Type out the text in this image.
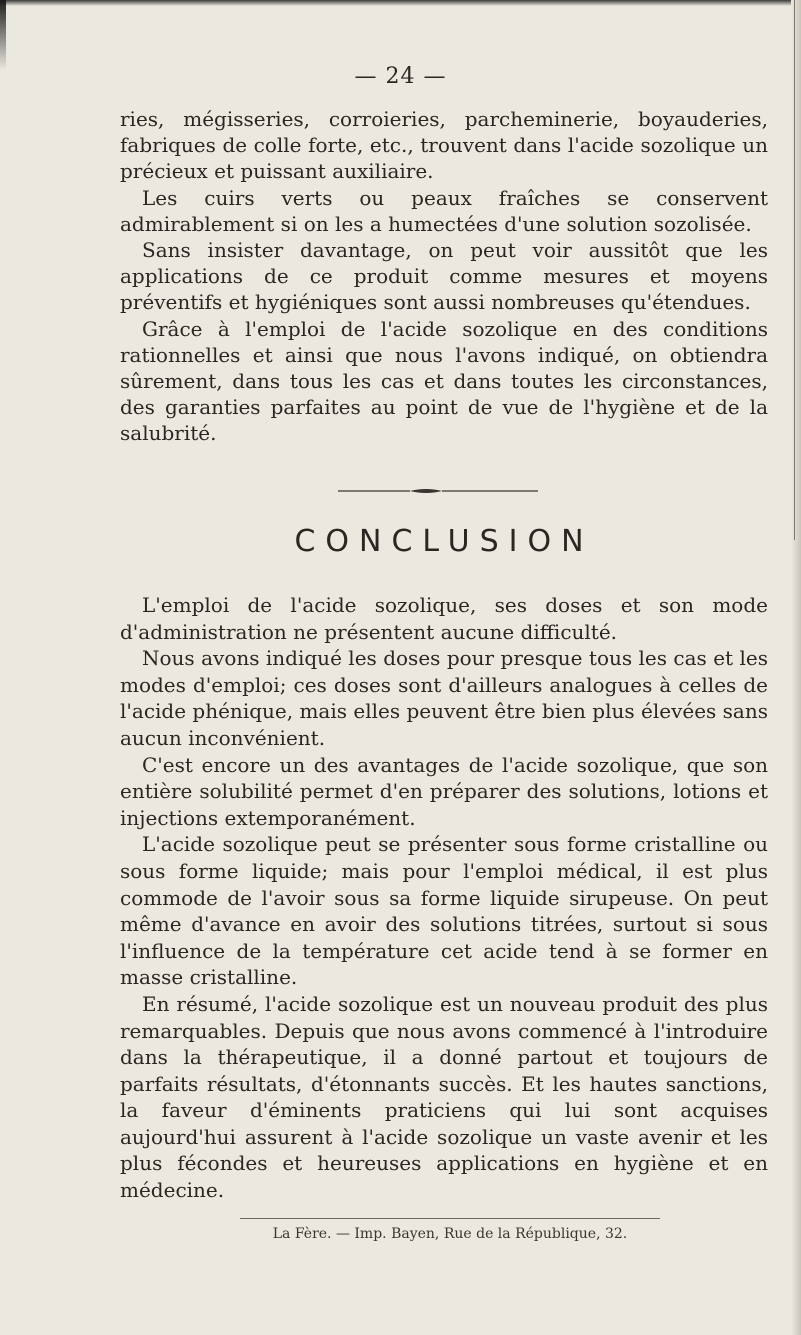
— 24 —

ries, mégisseries, corroieries, parcheminerie, boyauderies, fabriques de colle forte, etc., trouvent dans l'acide sozolique un précieux et puissant auxiliaire.

Les cuirs verts ou peaux fraîches se conservent admirablement si on les a humectées d'une solution sozolisée.

Sans insister davantage, on peut voir aussitôt que les applications de ce produit comme mesures et moyens préventifs et hygiéniques sont aussi nombreuses qu'étendues.

Grâce à l'emploi de l'acide sozolique en des conditions rationnelles et ainsi que nous l'avons indiqué, on obtiendra sûrement, dans tous les cas et dans toutes les circonstances, des garanties parfaites au point de vue de l'hygiène et de la salubrité.

CONCLUSION

L'emploi de l'acide sozolique, ses doses et son mode d'administration ne présentent aucune difficulté.

Nous avons indiqué les doses pour presque tous les cas et les modes d'emploi; ces doses sont d'ailleurs analogues à celles de l'acide phénique, mais elles peuvent être bien plus élevées sans aucun inconvénient.

C'est encore un des avantages de l'acide sozolique, que son entière solubilité permet d'en préparer des solutions, lotions et injections extemporanément.

L'acide sozolique peut se présenter sous forme cristalline ou sous forme liquide; mais pour l'emploi médical, il est plus commode de l'avoir sous sa forme liquide sirupeuse. On peut même d'avance en avoir des solutions titrées, surtout si sous l'influence de la température cet acide tend à se former en masse cristalline.

En résumé, l'acide sozolique est un nouveau produit des plus remarquables. Depuis que nous avons commencé à l'introduire dans la thérapeutique, il a donné partout et toujours de parfaits résultats, d'étonnants succès. Et les hautes sanctions, la faveur d'éminents praticiens qui lui sont acquises aujourd'hui assurent à l'acide sozolique un vaste avenir et les plus fécondes et heureuses applications en hygiène et en médecine.

La Fère. — Imp. Bayen, Rue de la République, 32.
